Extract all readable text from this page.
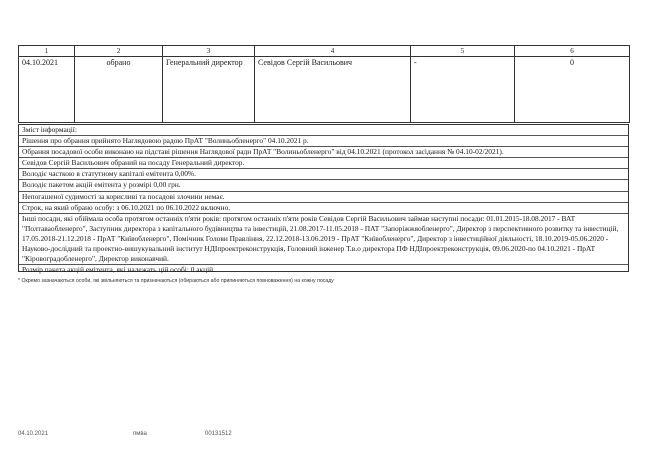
1	2	3	4	5	6
04.10.2021	обрано	Генеральний директор	Севідов Сергій Васильович	-	0
Зміст інформації:
Рішення про обрання прийнято Наглядовою радою ПрАТ "Волиньобленерго" 04.10.2021 р.
Обрання посадової особи виконано на підставі рішення Наглядової ради ПрАТ "Волиньобленерго" від 04.10.2021 (протокол засідання № 04.10-02/2021).
Севідов Сергій Васильович обраний на посаду Генеральний директор.
Володіє часткою в статутному капіталі емітента 0,00%.
Володіє пакетом акцій емітента у розмірі 0,00 грн.
Непогашеної судимості за корисливі та посадові злочини немає.
Строк, на який обрано особу: з 06.10.2021 по 06.10.2022 включно.
Інші посади, які обіймала особа протягом останніх п'яти років: протягом останніх п'яти років Севідов Сергій Васильович займав наступні посади: 01.01.2015-18.08.2017 - ВАТ "Полтаваобленерго", Заступник директора з капітального будівництва та інвестицій, 21.08.2017-11.05.2018 - ПАТ "Запоріжжяобленерго", Директор з перспективного розвитку та інвестицій, 17.05.2018-21.12.2018 - ПрАТ "Київобленерго", Помічник Голови Правління, 22.12.2018-13.06.2019 - ПрАТ "Київобленерго", Директор з інвестиційної діяльності, 18.10.2019-05.06.2020 - Науково-дослідний та проектно-вишукувальний інститут НДІпроектреконструкція, Головний інженер Т.в.о директора ПФ НДІпроектреконструкція, 09.06.2020-по 04.10.2021 - ПрАТ "Кіровоградобленерго", Директор виконавчий.
Розмір пакета акцій емітента, які належать цій особі: 0 акцій.
* Окремо зазначаються особи, які звільняються та призначаються (обираються або припиняються повноваження) на кожну посаду
04.10.2021	пмва	00131512
